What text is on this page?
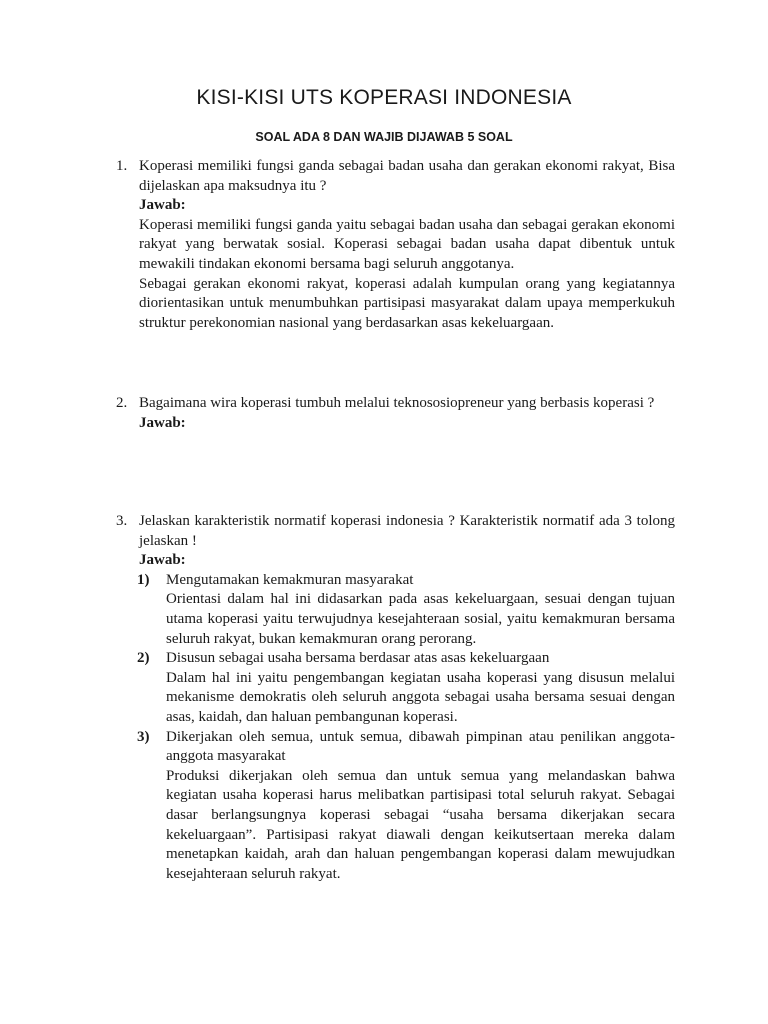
KISI-KISI UTS KOPERASI INDONESIA
SOAL ADA 8 DAN WAJIB DIJAWAB 5 SOAL
1. Koperasi memiliki fungsi ganda sebagai badan usaha dan gerakan ekonomi rakyat, Bisa dijelaskan apa maksudnya itu ?

Jawab:

Koperasi memiliki fungsi ganda yaitu sebagai badan usaha dan sebagai gerakan ekonomi rakyat yang berwatak sosial. Koperasi sebagai badan usaha dapat dibentuk untuk mewakili tindakan ekonomi bersama bagi seluruh anggotanya.

Sebagai gerakan ekonomi rakyat, koperasi adalah kumpulan orang yang kegiatannya diorientasikan untuk menumbuhkan partisipasi masyarakat dalam upaya memperkukuh struktur perekonomian nasional yang berdasarkan asas kekeluargaan.

2. Bagaimana wira koperasi tumbuh melalui teknososiopreneur yang berbasis koperasi ?

Jawab:

3. Jelaskan karakteristik normatif koperasi indonesia ? Karakteristik normatif ada 3 tolong jelaskan !

Jawab:

1) Mengutamakan kemakmuran masyarakat

Orientasi dalam hal ini didasarkan pada asas kekeluargaan, sesuai dengan tujuan utama koperasi yaitu terwujudnya kesejahteraan sosial, yaitu kemakmuran bersama seluruh rakyat, bukan kemakmuran orang perorang.

2) Disusun sebagai usaha bersama berdasar atas asas kekeluargaan

Dalam hal ini yaitu pengembangan kegiatan usaha koperasi yang disusun melalui mekanisme demokratis oleh seluruh anggota sebagai usaha bersama sesuai dengan asas, kaidah, dan haluan pembangunan koperasi.

3) Dikerjakan oleh semua, untuk semua, dibawah pimpinan atau penilikan anggota-anggota masyarakat

Produksi dikerjakan oleh semua dan untuk semua yang melandaskan bahwa kegiatan usaha koperasi harus melibatkan partisipasi total seluruh rakyat. Sebagai dasar berlangsungnya koperasi sebagai “usaha bersama dikerjakan secara kekeluargaan”. Partisipasi rakyat diawali dengan keikutsertaan mereka dalam menetapkan kaidah, arah dan haluan pengembangan koperasi dalam mewujudkan kesejahteraan seluruh rakyat.
